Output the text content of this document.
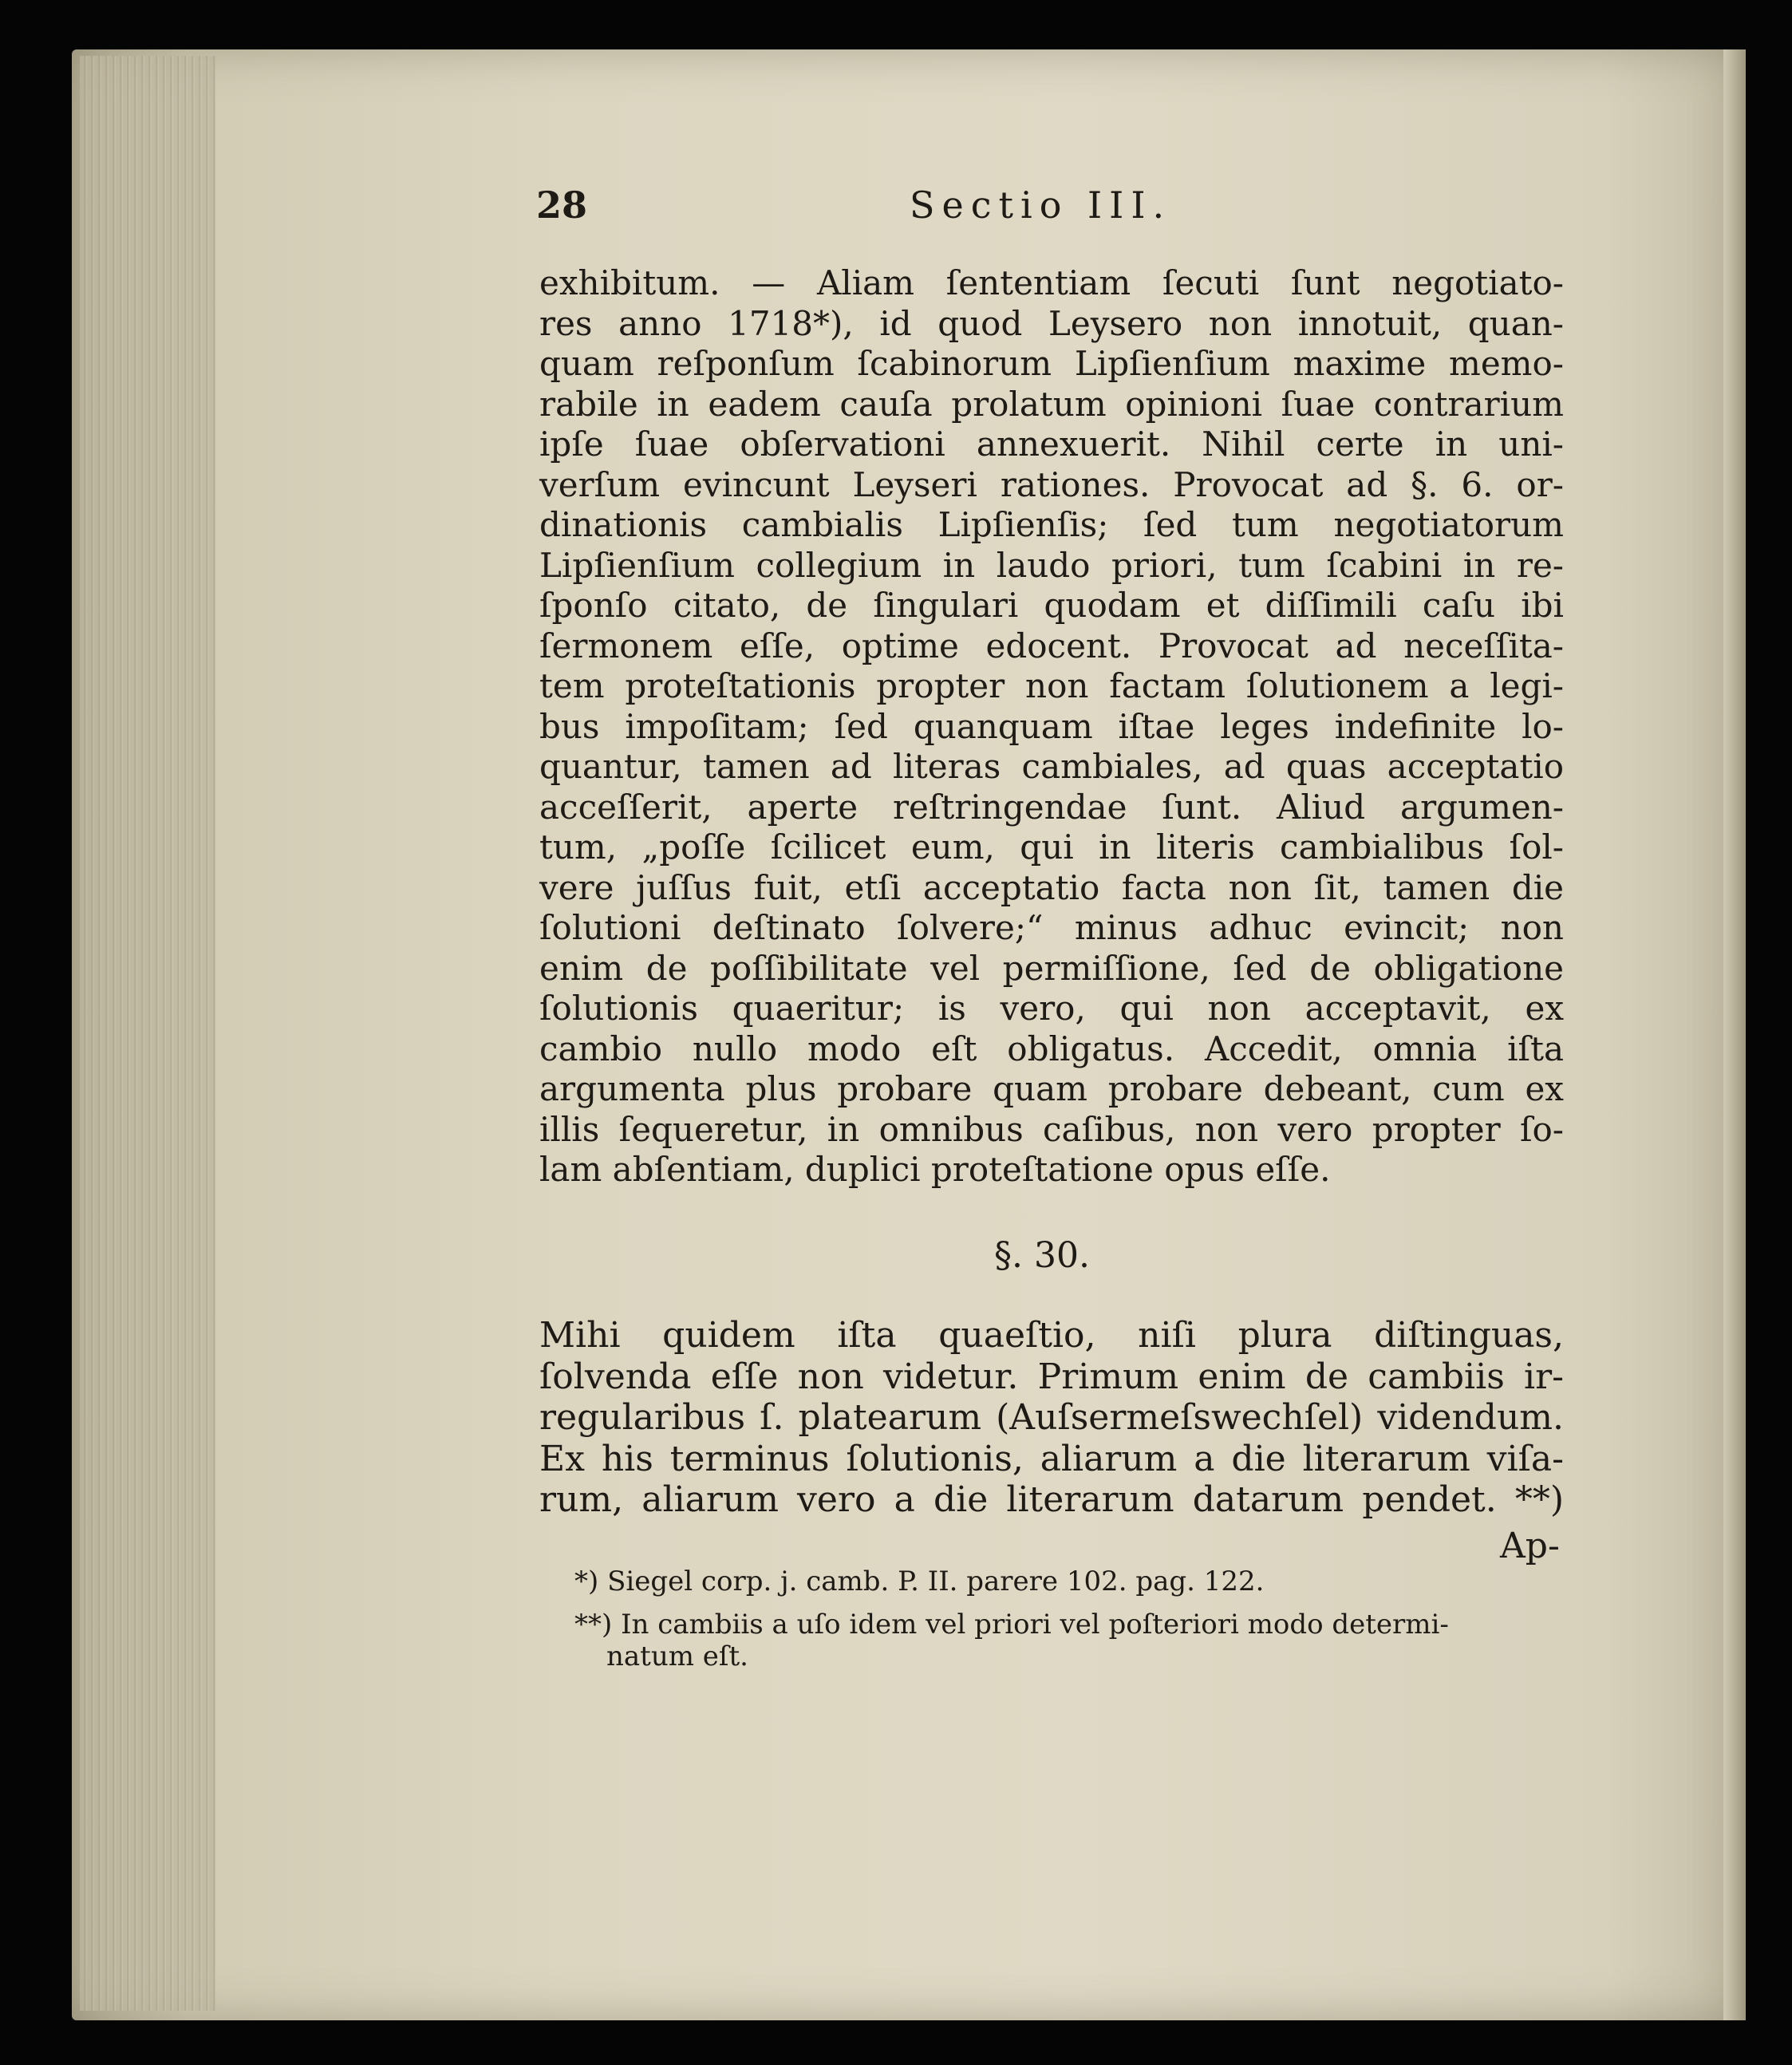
28	Sectio III.
exhibitum. — Aliam ſententiam ſecuti ſunt negotiato-
res anno 1718*), id quod Leysero non innotuit, quan-
quam reſponſum ſcabinorum Lipſienſium maxime memo-
rabile in eadem cauſa prolatum opinioni ſuae contrarium
ipſe ſuae obſervationi annexuerit. Nihil certe in uni-
verſum evincunt Leyseri rationes. Provocat ad §. 6. or-
dinationis cambialis Lipſienſis; ſed tum negotiatorum
Lipſienſium collegium in laudo priori, tum ſcabini in re-
ſponſo citato, de ſingulari quodam et diſſimili caſu ibi
ſermonem eſſe, optime edocent. Provocat ad neceſſita-
tem proteſtationis propter non factam ſolutionem a legi-
bus impoſitam; ſed quanquam iſtae leges indefinite lo-
quantur, tamen ad literas cambiales, ad quas acceptatio
acceſſerit, aperte reſtringendae ſunt. Aliud argumen-
tum, „poſſe ſcilicet eum, qui in literis cambialibus ſol-
vere juſſus fuit, etſi acceptatio facta non ſit, tamen die
ſolutioni deſtinato ſolvere;“ minus adhuc evincit; non
enim de poſſibilitate vel permiſſione, ſed de obligatione
ſolutionis quaeritur; is vero, qui non acceptavit, ex
cambio nullo modo eſt obligatus. Accedit, omnia iſta
argumenta plus probare quam probare debeant, cum ex
illis ſequeretur, in omnibus caſibus, non vero propter ſo-
lam abſentiam, duplici proteſtatione opus eſſe.
§. 30.
Mihi quidem iſta quaeſtio, niſi plura diſtinguas,
ſolvenda eſſe non videtur. Primum enim de cambiis ir-
regularibus ſ. platearum (Auſsermeſswechſel) videndum.
Ex his terminus ſolutionis, aliarum a die literarum viſa-
rum, aliarum vero a die literarum datarum pendet. **)
Ap-
*) Siegel corp. j. camb. P. II. parere 102. pag. 122.
**) In cambiis a uſo idem vel priori vel poſteriori modo determi-
natum eſt.
